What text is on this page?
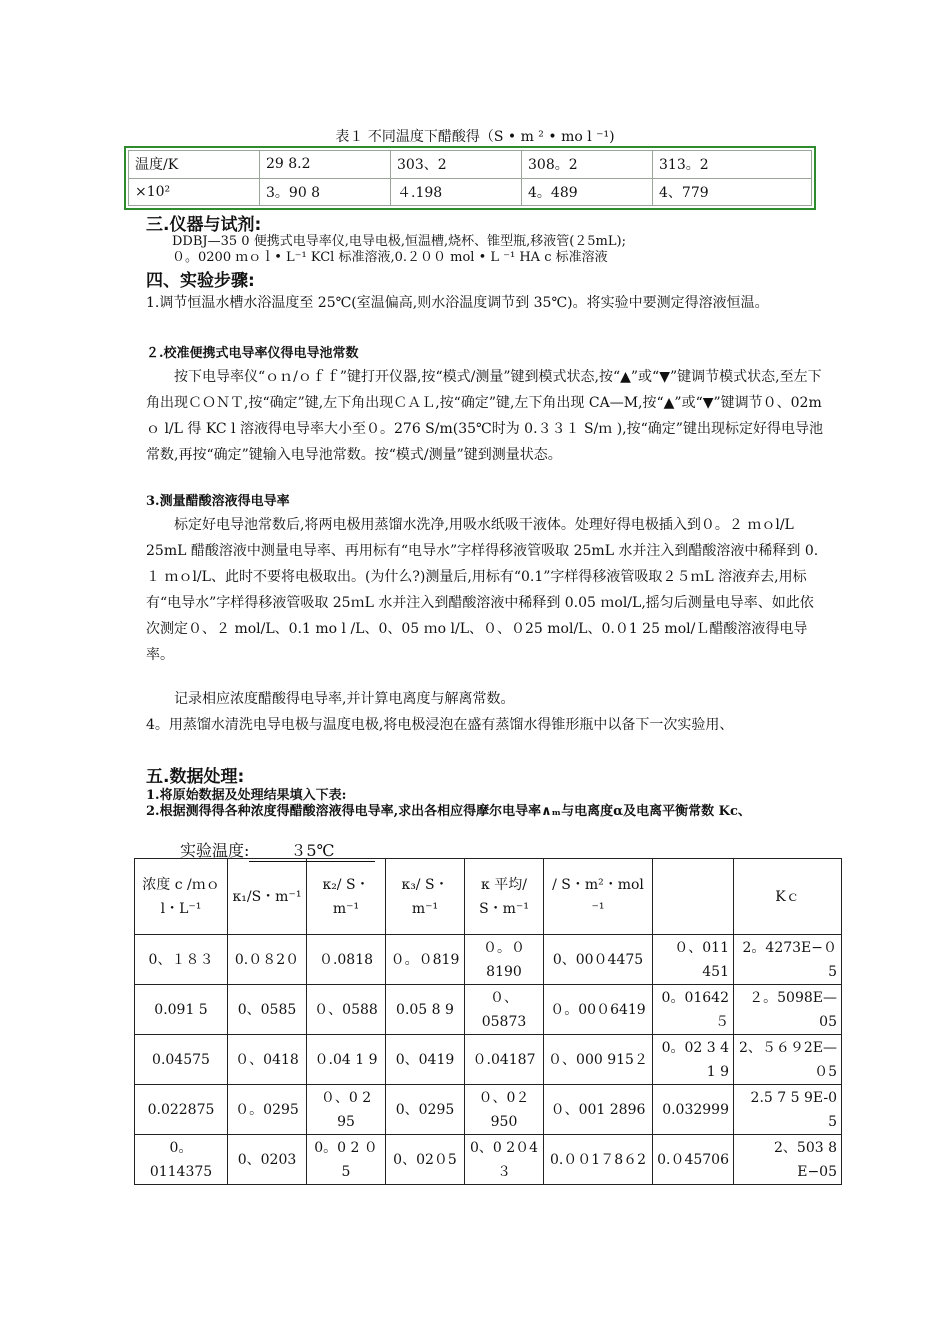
表１ 不同温度下醋酸得（S • m ² • mo l ⁻¹)
温度/K	29 8.2	303、2	308。2	313。2
×10²	3。90 8	４.198	4。489	4、779
三.仪器与试剂:
DDBJ—35 0 便携式电导率仪,电导电极,恒温槽,烧杯、锥型瓶,移液管(２5mL);
０。0200 ｍｏｌ• L⁻¹ KCl 标准溶液,0.２００ mol • L ⁻¹ HA c 标准溶液
四、实验步骤:
1.调节恒温水槽水浴温度至 25℃(室温偏高,则水浴温度调节到 35℃)。将实验中要测定得溶液恒温。
２.校准便携式电导率仪得电导池常数
按下电导率仪“ｏｎ/ｏｆｆ”键打开仪器,按“模式/测量”键到模式状态,按“▲”或“▼”键调节模式状态,至左下角出现ＣＯＮＴ,按“确定”键,左下角出现ＣＡＬ,按“确定”键,左下角出现 CA—M,按“▲”或“▼”键调节０、02mｏ l/L 得 KC l 溶液得电导率大小至０。276 S/m(35℃时为 0.３３１ S/ｍ ),按“确定”键出现标定好得电导池常数,再按“确定”键输入电导池常数。按“模式/测量”键到测量状态。
3.测量醋酸溶液得电导率
标定好电导池常数后,将两电极用蒸馏水洗净,用吸水纸吸干液体。处理好得电极插入到０。２ ｍｏl/L 25mL 醋酸溶液中测量电导率、再用标有“电导水”字样得移液管吸取 25mL 水并注入到醋酸溶液中稀释到 0.１ ｍｏl/L、此时不要将电极取出。(为什么?)测量后,用标有“0.1”字样得移液管吸取２５ｍL 溶液弃去,用标有“电导水”字样得移液管吸取 25ｍL 水并注入到醋酸溶液中稀释到 0.05 ｍol/L,摇匀后测量电导率、如此依次测定０、２ mol/L、0.1 mo l /L、0、05 ｍo l/L、０、０25 mol/L、0.０1 25 mol/Ｌ醋酸溶液得电导率。
记录相应浓度醋酸得电导率,并计算电离度与解离常数。
4。用蒸馏水清洗电导电极与温度电极,将电极浸泡在盛有蒸馏水得锥形瓶中以备下一次实验用、
五.数据处理:
1.将原始数据及处理结果填入下表:
2.根据测得得各种浓度得醋酸溶液得电导率,求出各相应得摩尔电导率∧ₘ与电离度α及电离平衡常数 Kc、
实验温度:	３5℃
浓度 c /ｍｏ l・L⁻¹	κ₁/S・m⁻¹	κ₂/ S・m⁻¹	κ₃/ S・m⁻¹	κ 平均/ S・m⁻¹	/ S・m²・mol ⁻¹		Kｃ
0、１８３	0.０８2０	０.0818	０。０819	０。０8190	0、00０4475	０、011 451	2。4273E−０5
0.091 5	0、0585	０、0588	0.05 8 9	０、05873	０。00０6419	0。01642５	２。5098E—05
0.04575	０、0418	０.04 1 9	0、0419	０.04187	０、000 915２	0。02 3 4 1 9	2、５６９2E—０5
0.022875	０。0295	０、0 2 95	0、0295	０、0２950	０、001 2896	0.032999	2.5 7 5 9E-0 5
0。0114375	0、0203	0。0 2 ０5	0、02０5	0、0 2０4３	0.００1７8６2	0.０45706	2、503 8 E−05
